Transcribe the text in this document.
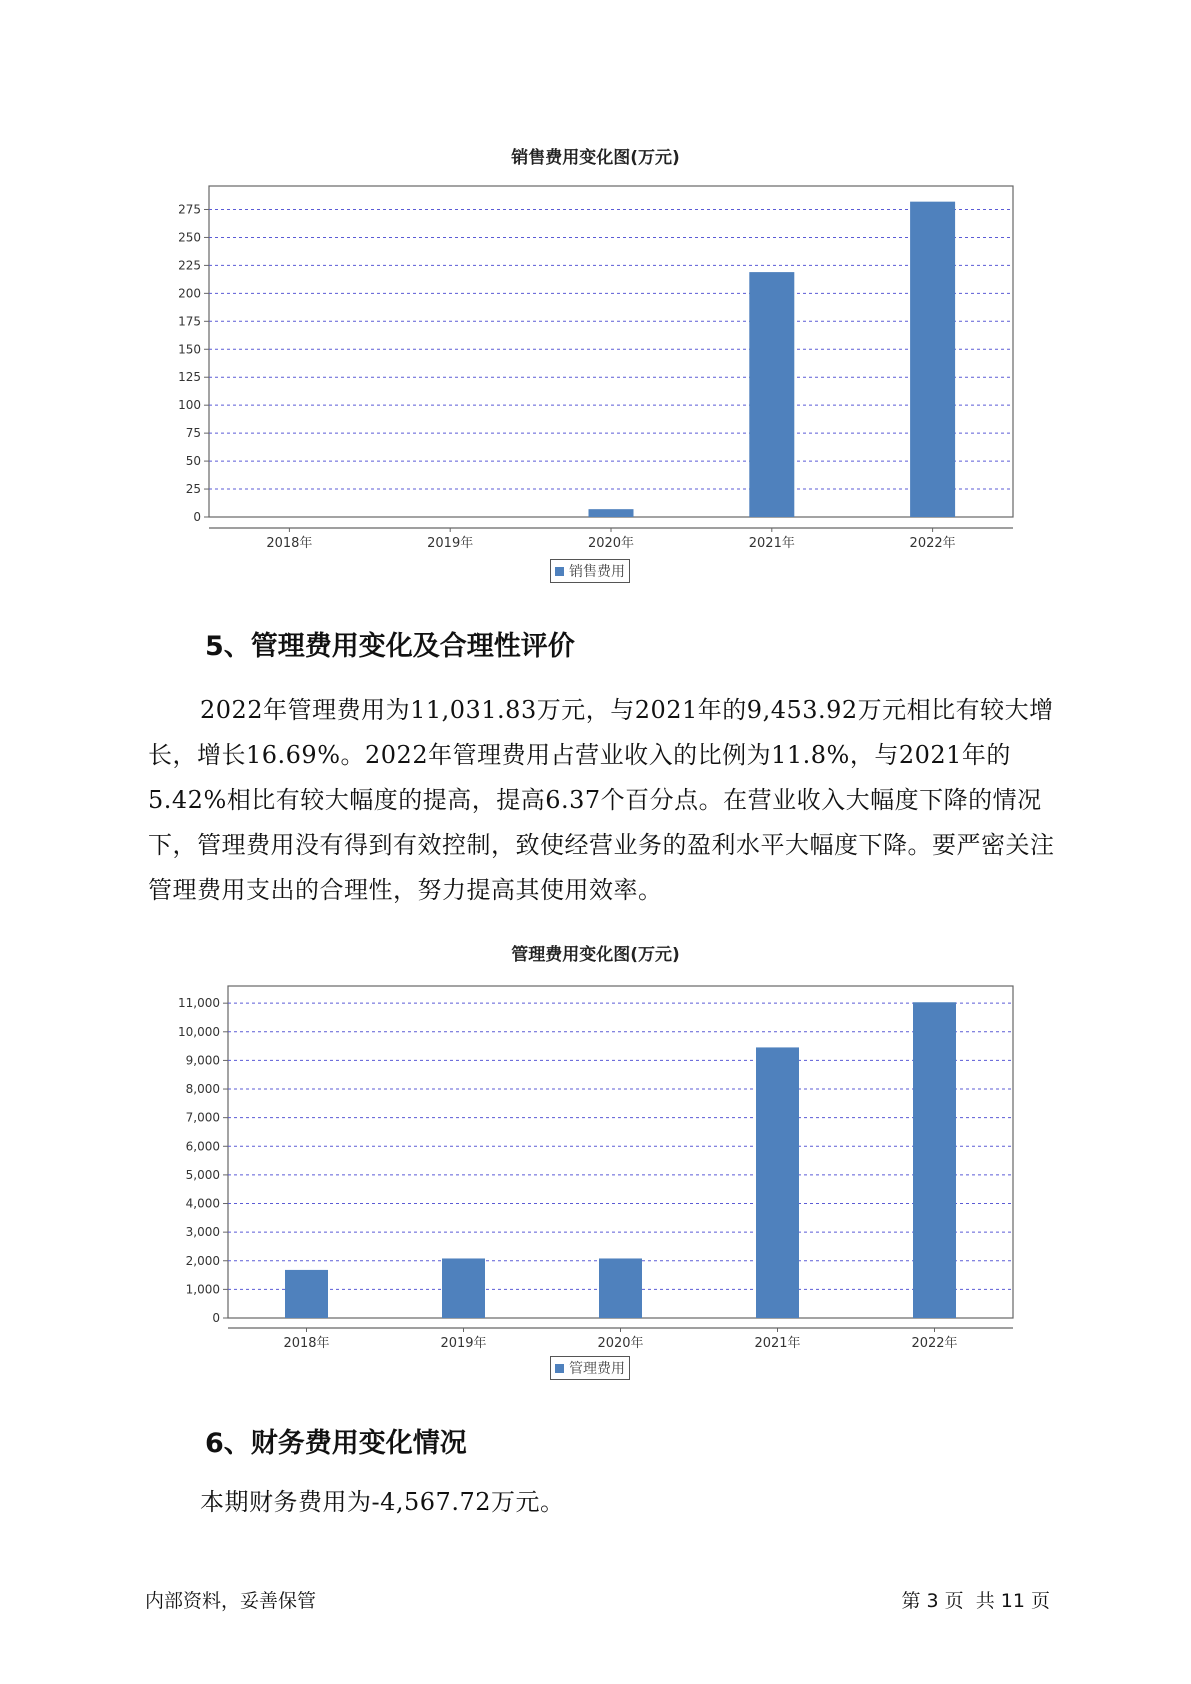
销售费用变化图(万元)
0
25
50
75
100
125
150
175
200
225
250
275
2018年	2019年	2020年	2021年	2022年
销售费用
5、管理费用变化及合理性评价
2022年管理费用为11,031.83万元，与2021年的9,453.92万元相比有较大增长，增长16.69%。2022年管理费用占营业收入的比例为11.8%，与2021年的5.42%相比有较大幅度的提高，提高6.37个百分点。在营业收入大幅度下降的情况下，管理费用没有得到有效控制，致使经营业务的盈利水平大幅度下降。要严密关注管理费用支出的合理性，努力提高其使用效率。
管理费用变化图(万元)
0
1,000
2,000
3,000
4,000
5,000
6,000
7,000
8,000
9,000
10,000
11,000
2018年	2019年	2020年	2021年	2022年
管理费用
6、财务费用变化情况
本期财务费用为-4,567.72万元。
内部资料，妥善保管	第 3 页  共 11 页
